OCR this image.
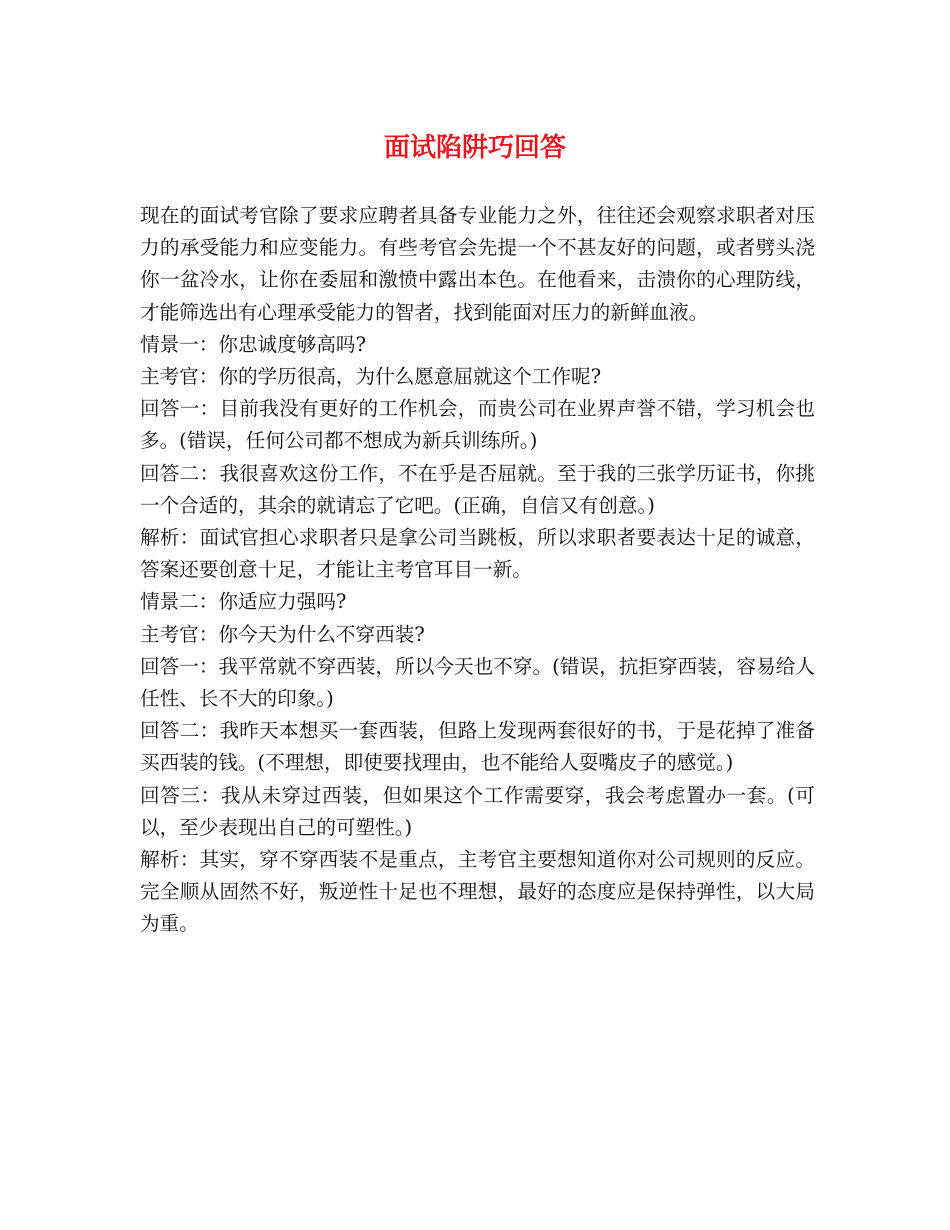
面试陷阱巧回答

现在的面试考官除了要求应聘者具备专业能力之外，往往还会观察求职者对压力的承受能力和应变能力。有些考官会先提一个不甚友好的问题，或者劈头浇你一盆冷水，让你在委屈和激愤中露出本色。在他看来，击溃你的心理防线，才能筛选出有心理承受能力的智者，找到能面对压力的新鲜血液。

情景一：你忠诚度够高吗?

主考官：你的学历很高，为什么愿意屈就这个工作呢?

回答一：目前我没有更好的工作机会，而贵公司在业界声誉不错，学习机会也多。(错误，任何公司都不想成为新兵训练所。)

回答二：我很喜欢这份工作，不在乎是否屈就。至于我的三张学历证书，你挑一个合适的，其余的就请忘了它吧。(正确，自信又有创意。)

解析：面试官担心求职者只是拿公司当跳板，所以求职者要表达十足的诚意，答案还要创意十足，才能让主考官耳目一新。

情景二：你适应力强吗?

主考官：你今天为什么不穿西装?

回答一：我平常就不穿西装，所以今天也不穿。(错误，抗拒穿西装，容易给人任性、长不大的印象。)

回答二：我昨天本想买一套西装，但路上发现两套很好的书，于是花掉了准备买西装的钱。(不理想，即使要找理由，也不能给人耍嘴皮子的感觉。)

回答三：我从未穿过西装，但如果这个工作需要穿，我会考虑置办一套。(可以，至少表现出自己的可塑性。)

解析：其实，穿不穿西装不是重点，主考官主要想知道你对公司规则的反应。完全顺从固然不好，叛逆性十足也不理想，最好的态度应是保持弹性，以大局为重。
